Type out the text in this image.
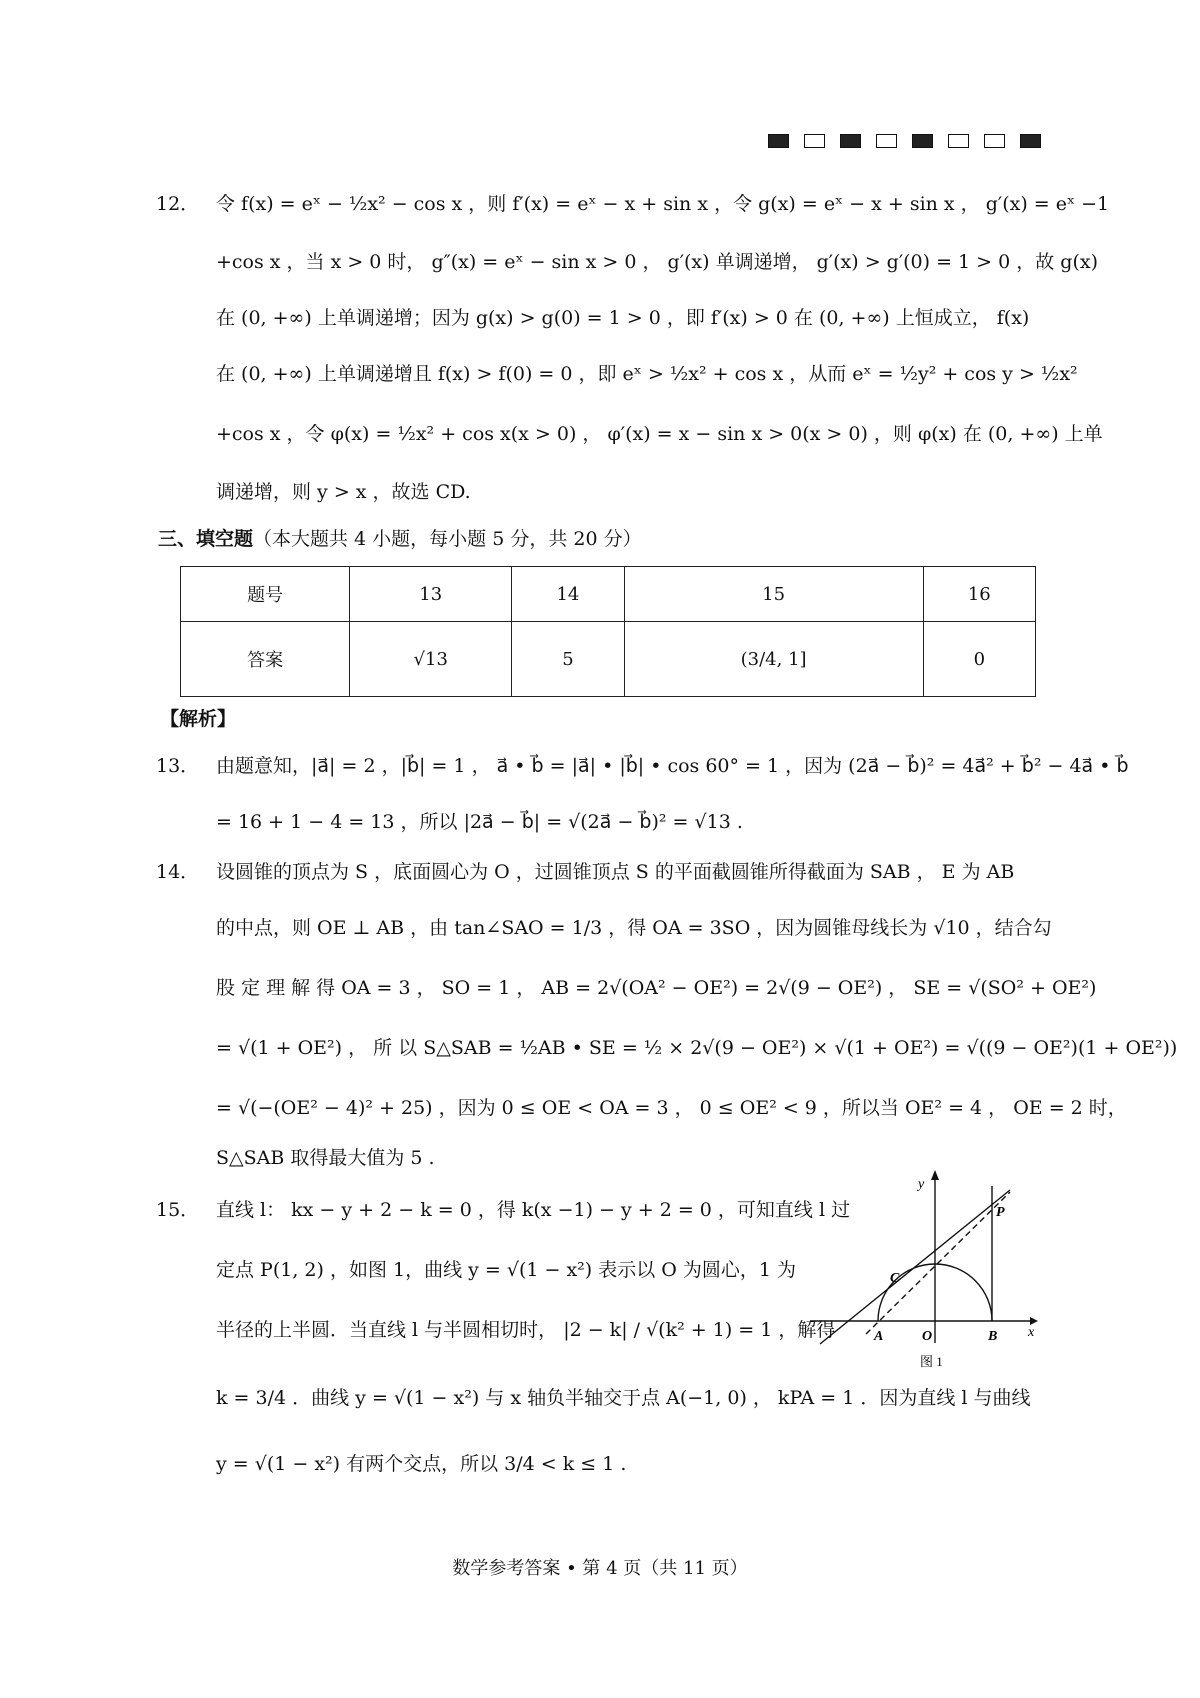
12． 令 f(x) = eˣ − ½x² − cos x ，则 f′(x) = eˣ − x + sin x ，令 g(x) = eˣ − x + sin x ， g′(x) = eˣ −1
+cos x ，当 x > 0 时， g″(x) = eˣ − sin x > 0 ， g′(x) 单调递增， g′(x) > g′(0) = 1 > 0 ，故 g(x)
在 (0, +∞) 上单调递增；因为 g(x) > g(0) = 1 > 0 ，即 f′(x) > 0 在 (0, +∞) 上恒成立， f(x)
在 (0, +∞) 上单调递增且 f(x) > f(0) = 0 ，即 eˣ > ½x² + cos x ，从而 eˣ = ½y² + cos y > ½x²
+cos x ，令 φ(x) = ½x² + cos x(x > 0) ， φ′(x) = x − sin x > 0(x > 0) ，则 φ(x) 在 (0, +∞) 上单
调递增，则 y > x ，故选 CD.
三、填空题（本大题共 4 小题，每小题 5 分，共 20 分）
题号	13	14	15	16
答案	√13	5	(3/4, 1]	0
【解析】
13． 由题意知，|a⃗| = 2 ，|b⃗| = 1 ， a⃗ • b⃗ = |a⃗| • |b⃗| • cos 60° = 1 ，因为 (2a⃗ − b⃗)² = 4a⃗² + b⃗² − 4a⃗ • b⃗
= 16 + 1 − 4 = 13 ，所以 |2a⃗ − b⃗| = √(2a⃗ − b⃗)² = √13 .
14． 设圆锥的顶点为 S ，底面圆心为 O ，过圆锥顶点 S 的平面截圆锥所得截面为 SAB ， E 为 AB
的中点，则 OE ⊥ AB ，由 tan∠SAO = 1/3 ，得 OA = 3SO ，因为圆锥母线长为 √10 ，结合勾
股 定 理 解 得 OA = 3 ， SO = 1 ， AB = 2√(OA² − OE²) = 2√(9 − OE²) ， SE = √(SO² + OE²)
= √(1 + OE²) ， 所 以 S△SAB = ½AB • SE = ½ × 2√(9 − OE²) × √(1 + OE²) = √((9 − OE²)(1 + OE²))
= √(−(OE² − 4)² + 25) ，因为 0 ≤ OE < OA = 3 ， 0 ≤ OE² < 9 ，所以当 OE² = 4 ， OE = 2 时，
S△SAB 取得最大值为 5 .
15． 直线 l： kx − y + 2 − k = 0 ，得 k(x −1) − y + 2 = 0 ，可知直线 l 过
定点 P(1, 2) ，如图 1，曲线 y = √(1 − x²) 表示以 O 为圆心，1 为
半径的上半圆．当直线 l 与半圆相切时， |2 − k| / √(k² + 1) = 1 ，解得
k = 3/4 ．曲线 y = √(1 − x²) 与 x 轴负半轴交于点 A(−1, 0) ， kPA = 1 ．因为直线 l 与曲线
y = √(1 − x²) 有两个交点，所以 3/4 < k ≤ 1 .
y
x
P
C
A	O	B
图 1
数学参考答案 • 第 4 页（共 11 页）
